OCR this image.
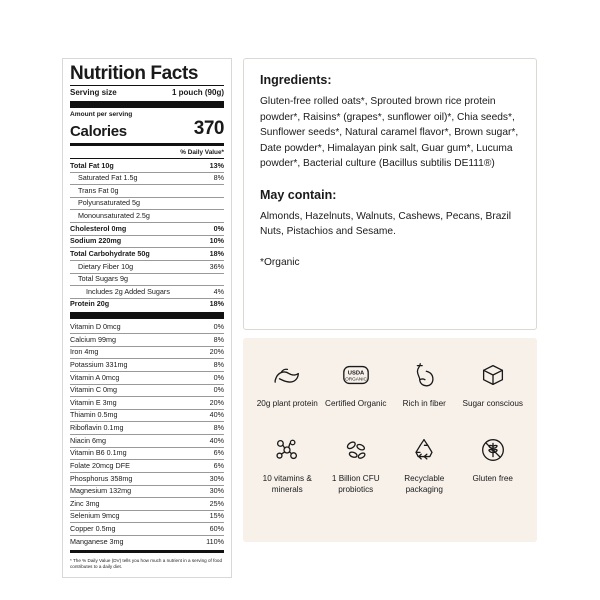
Nutrition Facts
Serving size	1 pouch (90g)
Amount per serving
Calories	370
% Daily Value*
Total Fat 10g	13%
Saturated Fat 1.5g	8%
Trans Fat 0g
Polyunsaturated 5g
Monounsaturated 2.5g
Cholesterol 0mg	0%
Sodium 220mg	10%
Total Carbohydrate 50g	18%
Dietary Fiber 10g	36%
Total Sugars 9g
Includes 2g Added Sugars	4%
Protein 20g	18%
Vitamin D 0mcg	0%
Calcium 99mg	8%
Iron 4mg	20%
Potassium 331mg	8%
Vitamin A 0mcg	0%
Vitamin C 0mg	0%
Vitamin E 3mg	20%
Thiamin 0.5mg	40%
Riboflavin 0.1mg	8%
Niacin 6mg	40%
Vitamin B6 0.1mg	6%
Folate 20mcg DFE	6%
Phosphorus 358mg	30%
Magnesium 132mg	30%
Zinc 3mg	25%
Selenium 9mcg	15%
Copper 0.5mg	60%
Manganese 3mg	110%
* The % Daily Value (DV) tells you how much a nutrient in a serving of food contributes to a daily diet.
Ingredients:
Gluten-free rolled oats*, Sprouted brown rice protein powder*, Raisins* (grapes*, sunflower oil)*, Chia seeds*, Sunflower seeds*, Natural caramel flavor*, Brown sugar*, Date powder*, Himalayan pink salt, Guar gum*, Lucuma powder*, Bacterial culture (Bacillus subtilis DE111®)
May contain:
Almonds, Hazelnuts, Walnuts, Cashews, Pecans, Brazil Nuts, Pistachios and Sesame.
*Organic
20g plant protein
USDA
ORGANIC
Certified Organic Rich in fiber Sugar conscious
10 vitamins & minerals
1 Billion CFU probiotics
Recyclable packaging
Gluten free
